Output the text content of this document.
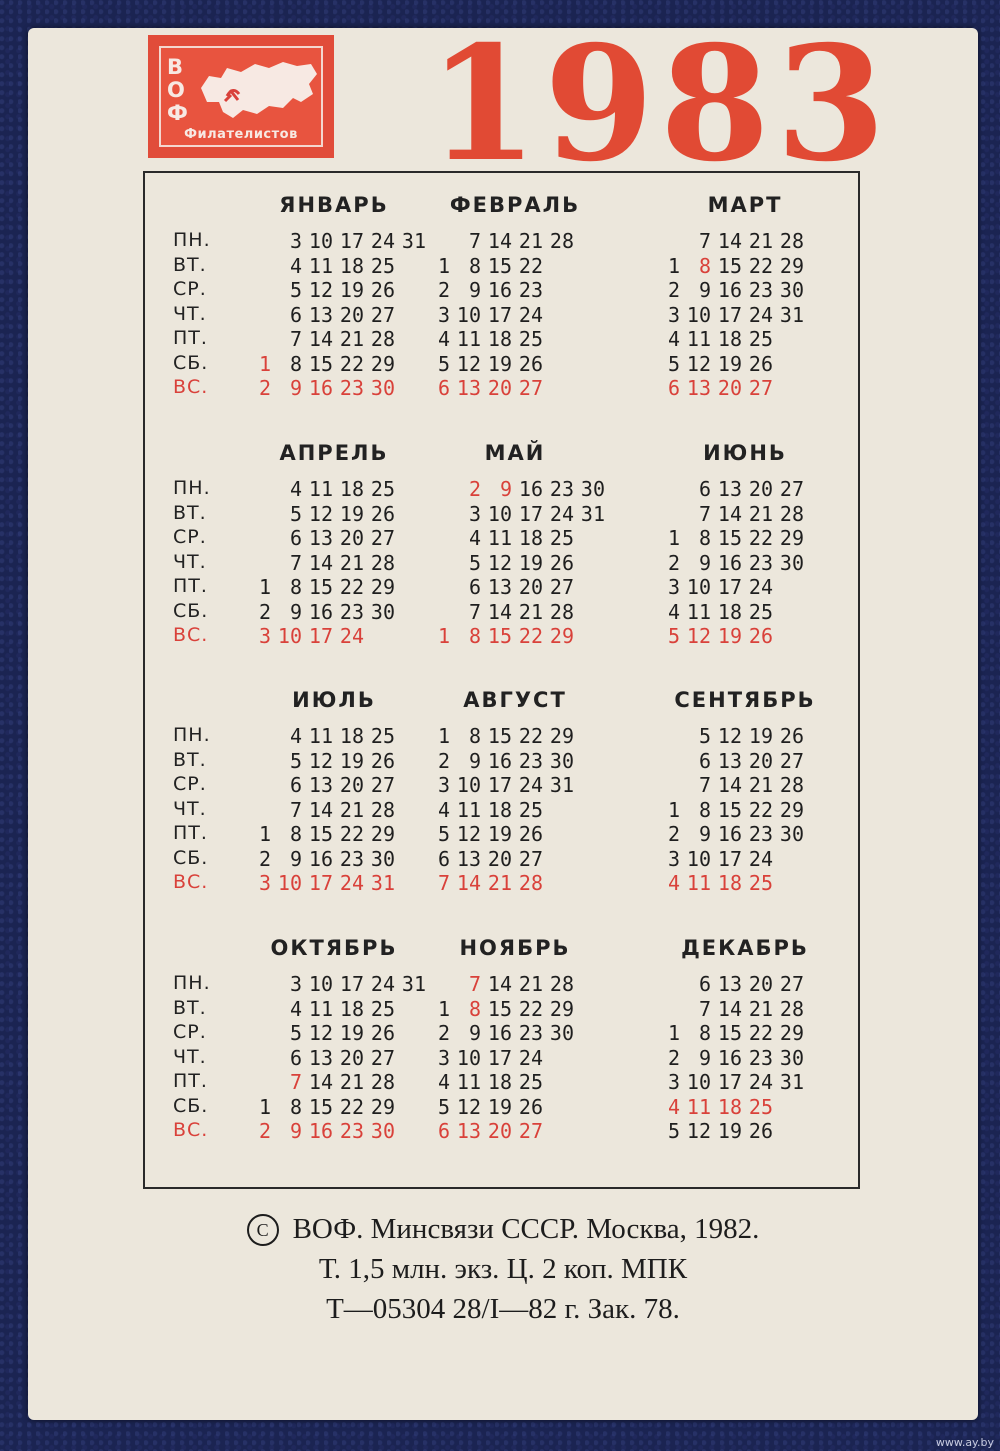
В
О
Ф
Филателистов 1983
ЯНВАРЬ
ПН.
ВТ.
СР.
ЧТ.
ПТ.
СБ.
ВС.
1
2
3
4
5
6
7
8
9
10
11
12
13
14
15
16
17
18
19
20
21
22
23
24
25
26
27
28
29
30
31
ФЕВРАЛЬ
1
2
3
4
5
6
7
8
9
10
11
12
13
14
15
16
17
18
19
20
21
22
23
24
25
26
27
28
МАРТ
1
2
3
4
5
6
7
8
9
10
11
12
13
14
15
16
17
18
19
20
21
22
23
24
25
26
27
28
29
30
31
АПРЕЛЬ
ПН.
ВТ.
СР.
ЧТ.
ПТ.
СБ.
ВС.
1
2
3
4
5
6
7
8
9
10
11
12
13
14
15
16
17
18
19
20
21
22
23
24
25
26
27
28
29
30
МАЙ
1
2
3
4
5
6
7
8
9
10
11
12
13
14
15
16
17
18
19
20
21
22
23
24
25
26
27
28
29
30
31
ИЮНЬ
1
2
3
4
5
6
7
8
9
10
11
12
13
14
15
16
17
18
19
20
21
22
23
24
25
26
27
28
29
30
ИЮЛЬ
ПН.
ВТ.
СР.
ЧТ.
ПТ.
СБ.
ВС.
1
2
3
4
5
6
7
8
9
10
11
12
13
14
15
16
17
18
19
20
21
22
23
24
25
26
27
28
29
30
31
АВГУСТ
1
2
3
4
5
6
7
8
9
10
11
12
13
14
15
16
17
18
19
20
21
22
23
24
25
26
27
28
29
30
31
СЕНТЯБРЬ
1
2
3
4
5
6
7
8
9
10
11
12
13
14
15
16
17
18
19
20
21
22
23
24
25
26
27
28
29
30
ОКТЯБРЬ
ПН.
ВТ.
СР.
ЧТ.
ПТ.
СБ.
ВС.
1
2
3
4
5
6
7
8
9
10
11
12
13
14
15
16
17
18
19
20
21
22
23
24
25
26
27
28
29
30
31
НОЯБРЬ
1
2
3
4
5
6
7
8
9
10
11
12
13
14
15
16
17
18
19
20
21
22
23
24
25
26
27
28
29
30
ДЕКАБРЬ
1
2
3
4
5
6
7
8
9
10
11
12
13
14
15
16
17
18
19
20
21
22
23
24
25
26
27
28
29
30
31
C ВОФ. Минсвязи СССР. Москва, 1982.
Т. 1,5 млн. экз. Ц. 2 коп. МПК
Т—05304 28/I—82 г. Зак. 78.
www.ay.by
